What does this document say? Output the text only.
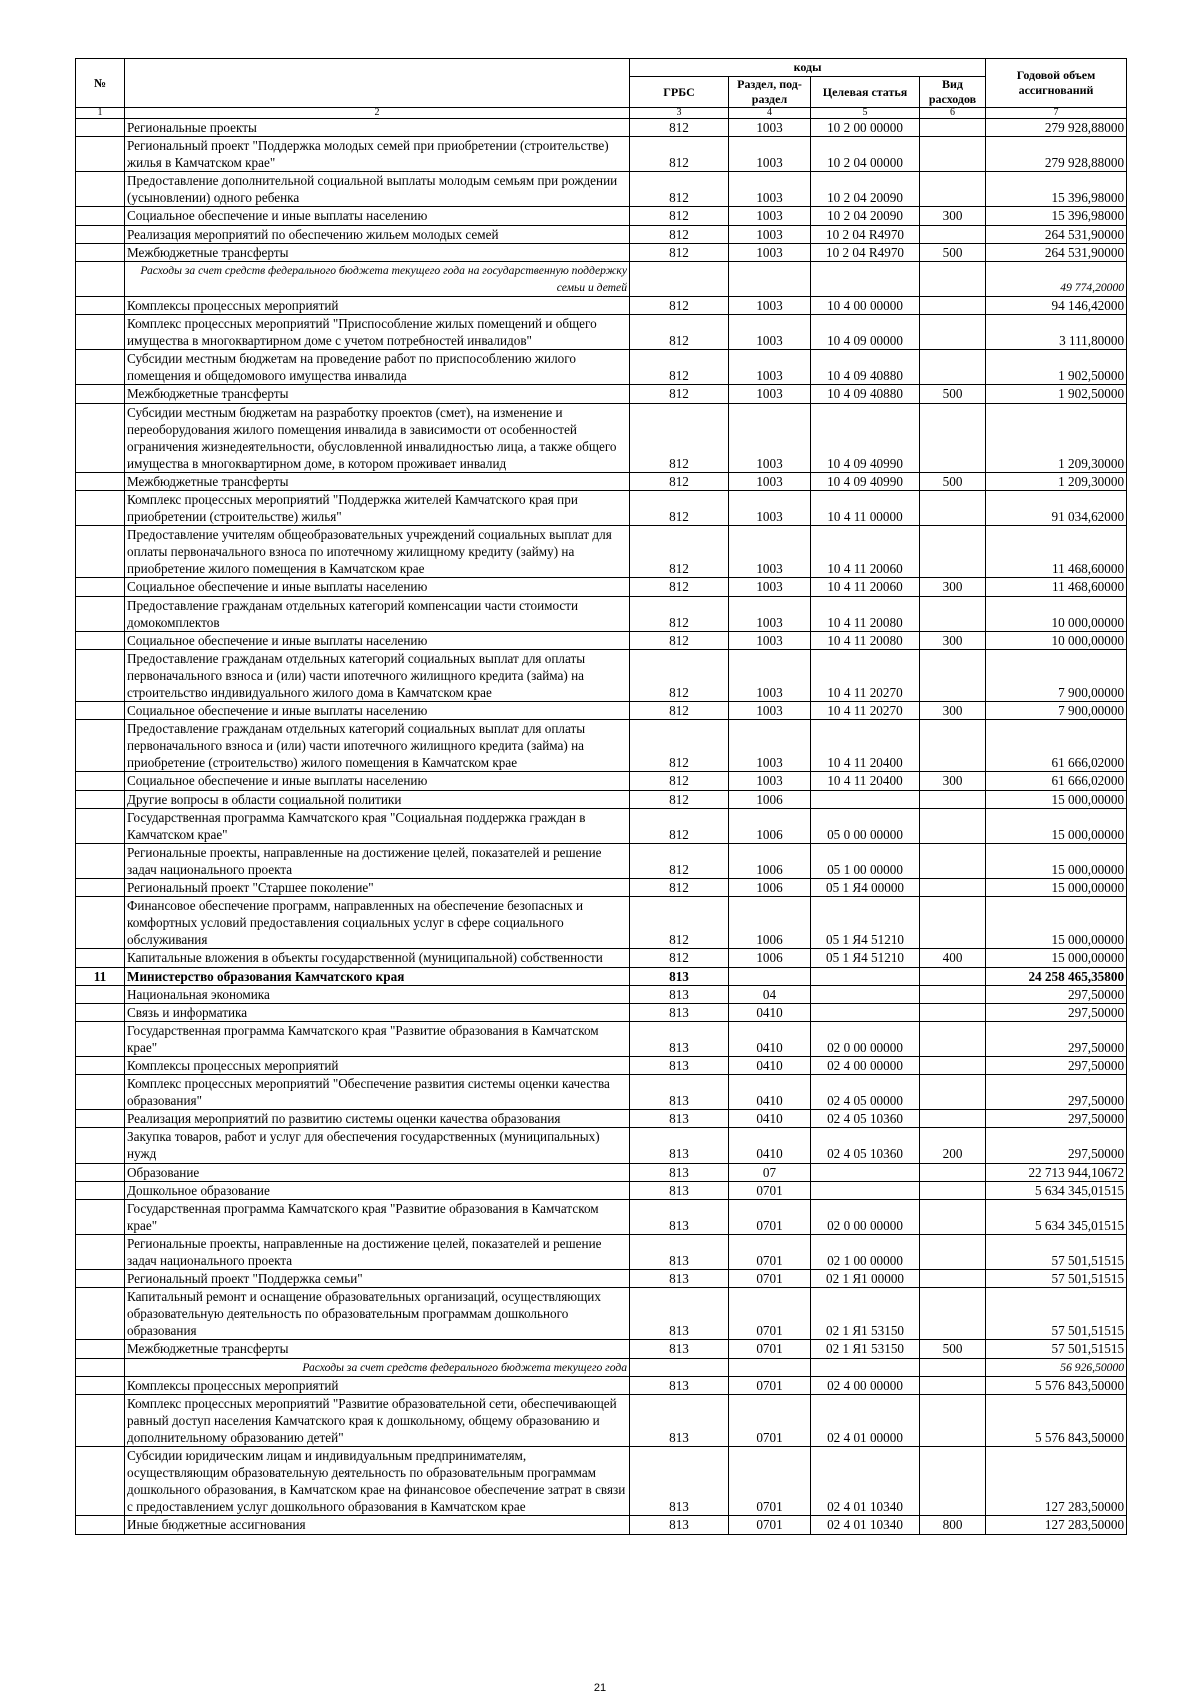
№		коды				Годовой объем ассигнований
		ГРБС	Раздел, под-раздел	Целевая статья	Вид расходов	
1	2	3	4	5	6	7
	Региональные проекты	812	1003	10 2 00 00000		279 928,88000
	Региональный проект "Поддержка молодых семей при приобретении (строительстве) жилья в Камчатском крае"	812	1003	10 2 04 00000		279 928,88000
	Предоставление дополнительной социальной выплаты молодым семьям при рождении (усыновлении) одного ребенка	812	1003	10 2 04 20090		15 396,98000
	Социальное обеспечение и иные выплаты населению	812	1003	10 2 04 20090	300	15 396,98000
	Реализация мероприятий по обеспечению жильем молодых семей	812	1003	10 2 04 R4970		264 531,90000
	Межбюджетные трансферты	812	1003	10 2 04 R4970	500	264 531,90000
	Расходы за счет средств федерального бюджета текущего года на государственную поддержку семьи и детей					49 774,20000
	Комплексы процессных мероприятий	812	1003	10 4 00 00000		94 146,42000
	Комплекс процессных мероприятий "Приспособление жилых помещений и общего имущества в многоквартирном доме с учетом потребностей инвалидов"	812	1003	10 4 09 00000		3 111,80000
	Субсидии местным бюджетам на проведение работ по приспособлению жилого помещения и общедомового имущества инвалида	812	1003	10 4 09 40880		1 902,50000
	Межбюджетные трансферты	812	1003	10 4 09 40880	500	1 902,50000
	Субсидии местным бюджетам на разработку проектов (смет), на изменение и переоборудования жилого помещения инвалида в зависимости от особенностей ограничения жизнедеятельности, обусловленной инвалидностью лица, а также общего имущества в многоквартирном доме, в котором проживает инвалид	812	1003	10 4 09 40990		1 209,30000
	Межбюджетные трансферты	812	1003	10 4 09 40990	500	1 209,30000
	Комплекс процессных мероприятий "Поддержка жителей Камчатского края при приобретении (строительстве) жилья"	812	1003	10 4 11 00000		91 034,62000
	Предоставление учителям общеобразовательных учреждений социальных выплат для оплаты первоначального взноса по ипотечному жилищному кредиту (займу) на приобретение жилого помещения в Камчатском крае	812	1003	10 4 11 20060		11 468,60000
	Социальное обеспечение и иные выплаты населению	812	1003	10 4 11 20060	300	11 468,60000
	Предоставление гражданам отдельных категорий компенсации части стоимости домокомплектов	812	1003	10 4 11 20080		10 000,00000
	Социальное обеспечение и иные выплаты населению	812	1003	10 4 11 20080	300	10 000,00000
	Предоставление гражданам отдельных категорий социальных выплат для оплаты первоначального взноса и (или) части ипотечного жилищного кредита (займа) на строительство индивидуального жилого дома в Камчатском крае	812	1003	10 4 11 20270		7 900,00000
	Социальное обеспечение и иные выплаты населению	812	1003	10 4 11 20270	300	7 900,00000
	Предоставление гражданам отдельных категорий социальных выплат для оплаты первоначального взноса и (или) части ипотечного жилищного кредита (займа) на приобретение (строительство) жилого помещения в Камчатском крае	812	1003	10 4 11 20400		61 666,02000
	Социальное обеспечение и иные выплаты населению	812	1003	10 4 11 20400	300	61 666,02000
	Другие вопросы в области социальной политики	812	1006			15 000,00000
	Государственная программа Камчатского края "Социальная поддержка граждан в Камчатском крае"	812	1006	05 0 00 00000		15 000,00000
	Региональные проекты, направленные на достижение целей, показателей и решение задач национального проекта	812	1006	05 1 00 00000		15 000,00000
	Региональный проект "Старшее поколение"	812	1006	05 1 Я4 00000		15 000,00000
	Финансовое обеспечение программ, направленных на обеспечение безопасных и комфортных условий предоставления социальных услуг в сфере социального обслуживания	812	1006	05 1 Я4 51210		15 000,00000
	Капитальные вложения в объекты государственной (муниципальной) собственности	812	1006	05 1 Я4 51210	400	15 000,00000
11	Министерство образования Камчатского края	813				24 258 465,35800
	Национальная экономика	813	04			297,50000
	Связь и информатика	813	0410			297,50000
	Государственная программа Камчатского края "Развитие образования в Камчатском крае"	813	0410	02 0 00 00000		297,50000
	Комплексы процессных мероприятий	813	0410	02 4 00 00000		297,50000
	Комплекс процессных мероприятий "Обеспечение развития системы оценки качества образования"	813	0410	02 4 05 00000		297,50000
	Реализация мероприятий по развитию системы оценки качества образования	813	0410	02 4 05 10360		297,50000
	Закупка товаров, работ и услуг для обеспечения государственных (муниципальных) нужд	813	0410	02 4 05 10360	200	297,50000
	Образование	813	07			22 713 944,10672
	Дошкольное образование	813	0701			5 634 345,01515
	Государственная программа Камчатского края "Развитие образования в Камчатском крае"	813	0701	02 0 00 00000		5 634 345,01515
	Региональные проекты, направленные на достижение целей, показателей и решение задач национального проекта	813	0701	02 1 00 00000		57 501,51515
	Региональный проект "Поддержка семьи"	813	0701	02 1 Я1 00000		57 501,51515
	Капитальный ремонт и оснащение образовательных организаций, осуществляющих образовательную деятельность по образовательным программам дошкольного образования	813	0701	02 1 Я1 53150		57 501,51515
	Межбюджетные трансферты	813	0701	02 1 Я1 53150	500	57 501,51515
	Расходы за счет средств федерального бюджета текущего года					56 926,50000
	Комплексы процессных мероприятий	813	0701	02 4 00 00000		5 576 843,50000
	Комплекс процессных мероприятий "Развитие образовательной сети, обеспечивающей равный доступ населения Камчатского края к дошкольному, общему образованию и дополнительному образованию детей"	813	0701	02 4 01 00000		5 576 843,50000
	Субсидии юридическим лицам и индивидуальным предпринимателям, осуществляющим образовательную деятельность по образовательным программам дошкольного образования, в Камчатском крае на финансовое обеспечение затрат в связи с предоставлением услуг дошкольного образования в Камчатском крае	813	0701	02 4 01 10340		127 283,50000
	Иные бюджетные ассигнования	813	0701	02 4 01 10340	800	127 283,50000
21
